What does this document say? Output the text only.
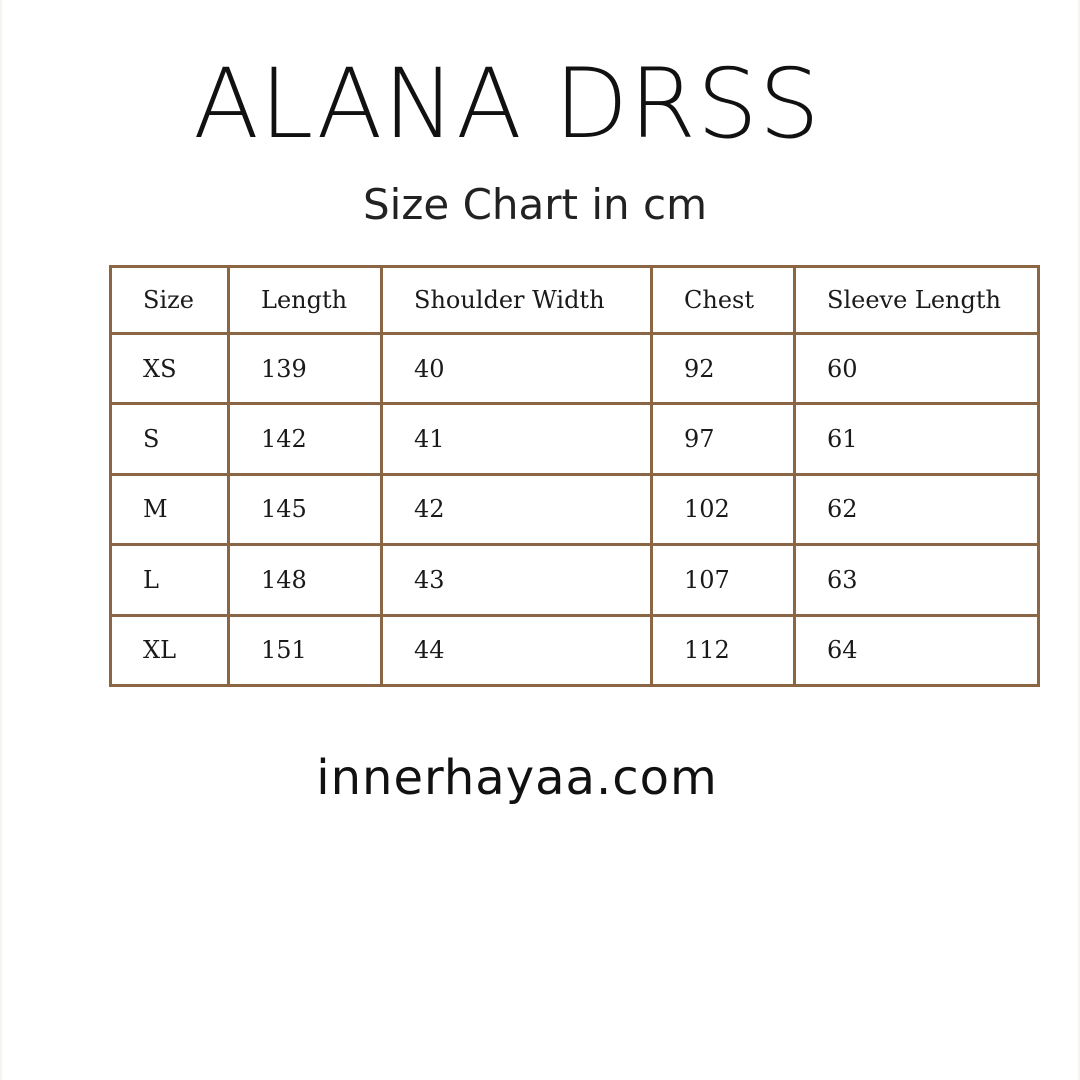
ALANA DRSS
Size Chart in cm
Size	Length	Shoulder Width	Chest	Sleeve Length
XS	139	40	92	60
S	142	41	97	61
M	145	42	102	62
L	148	43	107	63
XL	151	44	112	64
innerhayaa.com
